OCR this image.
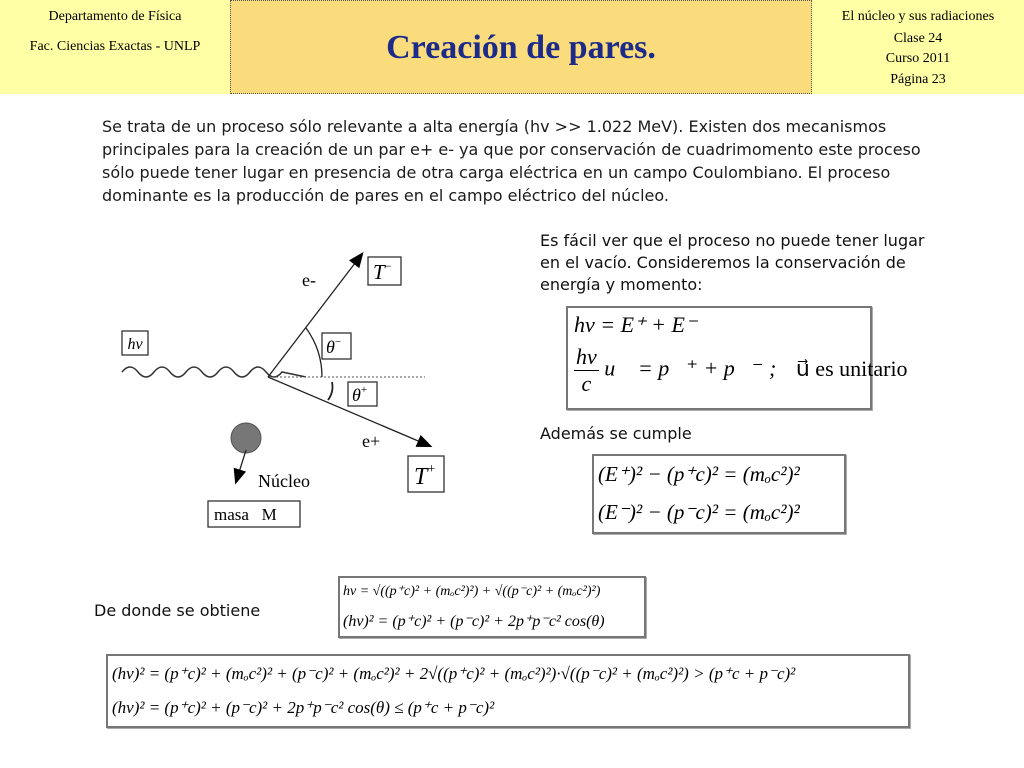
Departamento de Física
Fac. Ciencias Exactas - UNLP	Creación de pares.
El núcleo y sus radiaciones
Clase 24
Curso 2011
Página 23
Se trata de un proceso sólo relevante a alta energía (hv >> 1.022 MeV). Existen dos mecanismos
principales para la creación de un par e+ e- ya que por conservación de cuadrimomento este proceso
sólo puede tener lugar en presencia de otra carga eléctrica en un campo Coulombiano. El proceso
dominante es la producción de pares en el campo eléctrico del núcleo.
hv
e-
e+
T−
θ−
θ+
T+
Núcleo
masa   M
Es fácil ver que el proceso no puede tener lugar
en el vacío. Consideremos la conservación de
energía y momento:
hv = E⁺ + E⁻
$\frac{hv}{c}$ u⃗ = p⃗⁺ + p⃗⁻ ; u⃗ es unitario
Además se cumple
(E⁺)² − (p⁺c)² = (mₒc²)²
(E⁻)² − (p⁻c)² = (mₒc²)²
De donde se obtiene
hv = √((p⁺c)² + (mₒc²)²) + √((p⁻c)² + (mₒc²)²)
(hv)² = (p⁺c)² + (p⁻c)² + 2p⁺p⁻c² cos(θ)
(hv)² = (p⁺c)² + (mₒc²)² + (p⁻c)² + (mₒc²)² + 2√((p⁺c)² + (mₒc²)²)·√((p⁻c)² + (mₒc²)²) > (p⁺c + p⁻c)²
(hv)² = (p⁺c)² + (p⁻c)² + 2p⁺p⁻c² cos(θ) ≤ (p⁺c + p⁻c)²
